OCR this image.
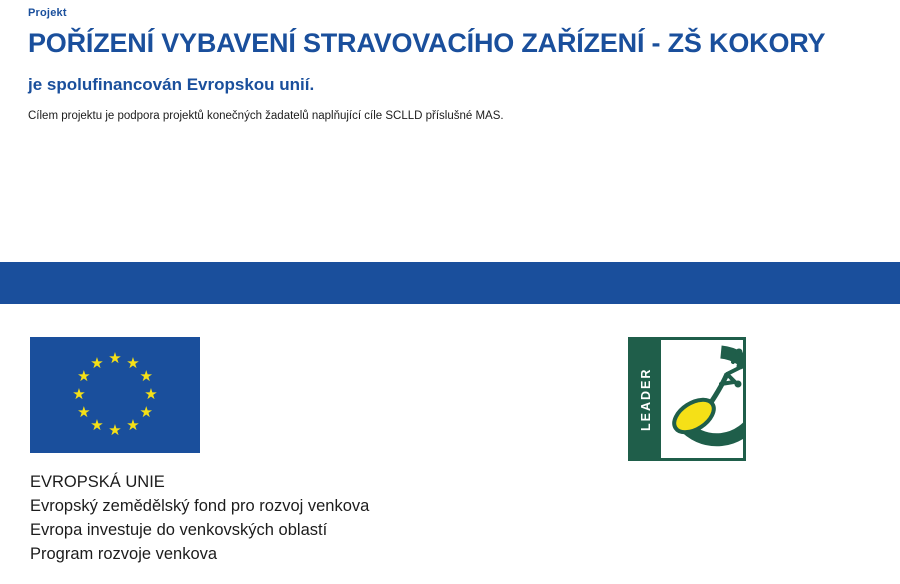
Projekt

POŘÍZENÍ VYBAVENÍ STRAVOVACÍHO ZAŘÍZENÍ - ZŠ KOKORY

je spolufinancován Evropskou unií.

Cílem projektu je podpora projektů konečných žadatelů naplňující cíle SCLLD příslušné MAS.

★ ★
★
★
★
★
★
★
★
★
★
★
LEADER
EVROPSKÁ UNIE
Evropský zemědělský fond pro rozvoj venkova
Evropa investuje do venkovských oblastí
Program rozvoje venkova
